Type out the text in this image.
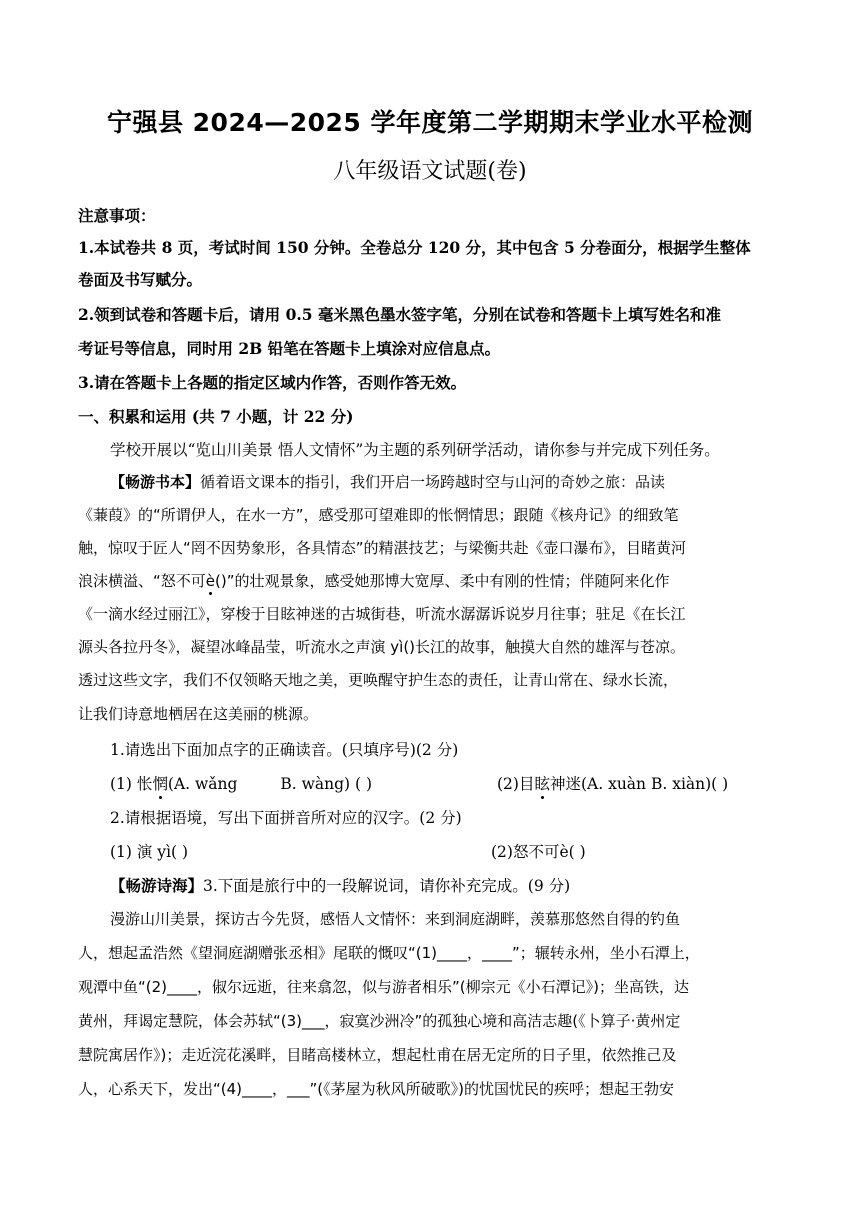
宁强县 2024—2025 学年度第二学期期末学业水平检测
八年级语文试题(卷)
注意事项：
1.本试卷共 8 页，考试时间 150 分钟。全卷总分 120 分，其中包含 5 分卷面分，根据学生整体
卷面及书写赋分。
2.领到试卷和答题卡后，请用 0.5 毫米黑色墨水签字笔，分别在试卷和答题卡上填写姓名和准
考证号等信息，同时用 2B 铅笔在答题卡上填涂对应信息点。
3.请在答题卡上各题的指定区域内作答，否则作答无效。
一、积累和运用 (共 7 小题，计 22 分)
学校开展以“览山川美景 悟人文情怀”为主题的系列研学活动，请你参与并完成下列任务。
【畅游书本】循着语文课本的指引，我们开启一场跨越时空与山河的奇妙之旅：品读
《蒹葭》的“所谓伊人，在水一方”，感受那可望难即的怅惘情思；跟随《核舟记》的细致笔
触，惊叹于匠人“罔不因势象形，各具情态”的精湛技艺；与梁衡共赴《壶口瀑布》，目睹黄河
浪沫横溢、“怒不可è()”的壮观景象，感受她那博大宽厚、柔中有刚的性情；伴随阿来化作
《一滴水经过丽江》，穿梭于目眩神迷的古城街巷，听流水潺潺诉说岁月往事；驻足《在长江
源头各拉丹冬》，凝望冰峰晶莹，听流水之声演 yì()长江的故事，触摸大自然的雄浑与苍凉。
透过这些文字，我们不仅领略天地之美，更唤醒守护生态的责任，让青山常在、绿水长流，
让我们诗意地栖居在这美丽的桃源。
1.请选出下面加点字的正确读音。(只填序号)(2 分)
(1) 怅惘(A. wǎng	B. wàng) ( )	(2)目眩神迷(A. xuàn B. xiàn)( )
2.请根据语境，写出下面拼音所对应的汉字。(2 分)
(1) 演 yì( )	(2)怒不可è( )
【畅游诗海】3.下面是旅行中的一段解说词，请你补充完成。(9 分)
漫游山川美景，探访古今先贤，感悟人文情怀：来到洞庭湖畔，羡慕那悠然自得的钓鱼
人，想起孟浩然《望洞庭湖赠张丞相》尾联的慨叹“(1)____，____”；辗转永州，坐小石潭上，
观潭中鱼“(2)____，俶尔远逝，往来翕忽，似与游者相乐”(柳宗元《小石潭记》)；坐高铁，达
黄州，拜谒定慧院，体会苏轼“(3)___，寂寞沙洲冷”的孤独心境和高洁志趣(《卜算子·黄州定
慧院寓居作》)；走近浣花溪畔，目睹高楼林立，想起杜甫在居无定所的日子里，依然推己及
人，心系天下，发出“(4)____，___”(《茅屋为秋风所破歌》)的忧国忧民的疾呼；想起王勃安
